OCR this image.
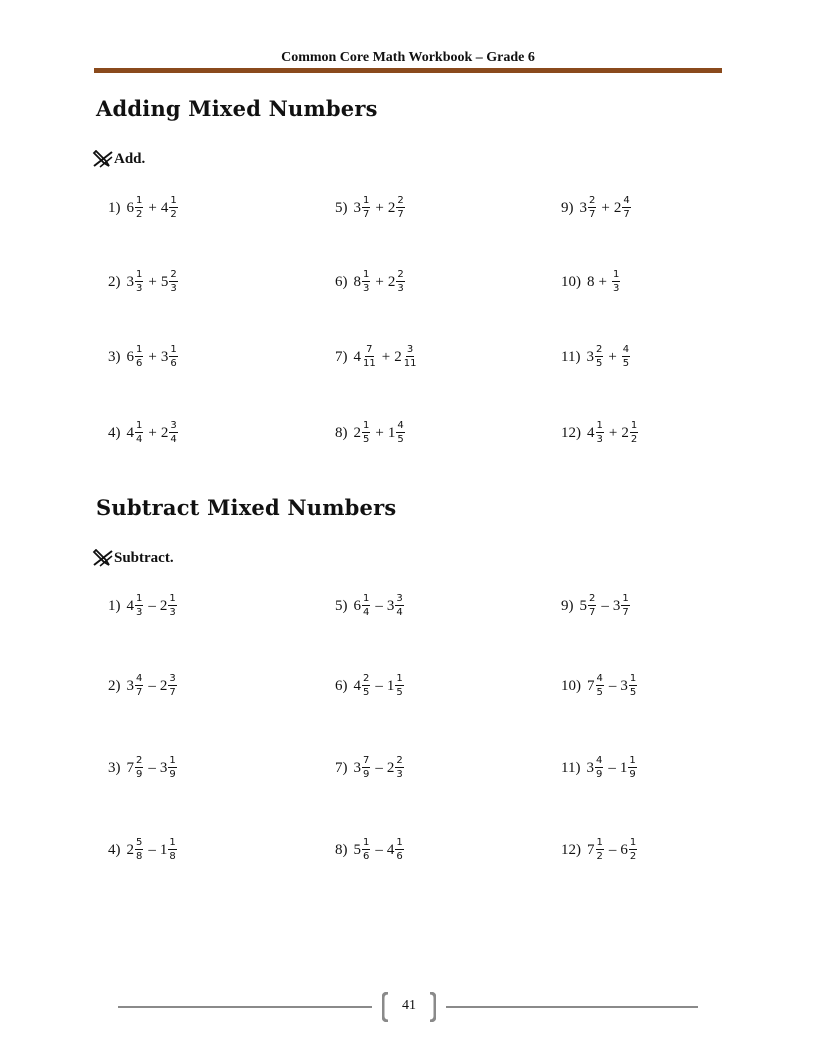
Common Core Math Workbook – Grade 6
Adding Mixed Numbers
Add.
1) $6 \frac{1}{2} + 4 \frac{1}{2}$
2) $3 \frac{1}{3} + 5 \frac{2}{3}$
3) $6 \frac{1}{6} + 3 \frac{1}{6}$
4) $4 \frac{1}{4} + 2 \frac{3}{4}$
5) $3 \frac{1}{7} + 2 \frac{2}{7}$
6) $8 \frac{1}{3} + 2 \frac{2}{3}$
7) $4 \frac{7}{11} + 2 \frac{3}{11}$
8) $2 \frac{1}{5} + 1 \frac{4}{5}$
9) $3 \frac{2}{7} + 2 \frac{4}{7}$
10) $8 + \frac{1}{3}$
11) $3 \frac{2}{5} + \frac{4}{5}$
12) $4 \frac{1}{3} + 2 \frac{1}{2}$
Subtract Mixed Numbers
Subtract.
1) $4 \frac{1}{3} - 2 \frac{1}{3}$
2) $3 \frac{4}{7} - 2 \frac{3}{7}$
3) $7 \frac{2}{9} - 3 \frac{1}{9}$
4) $2 \frac{5}{8} - 1 \frac{1}{8}$
5) $6 \frac{1}{4} - 3 \frac{3}{4}$
6) $4 \frac{2}{5} - 1 \frac{1}{5}$
7) $3 \frac{7}{9} - 2 \frac{2}{3}$
8) $5 \frac{1}{6} - 4 \frac{1}{6}$
9) $5 \frac{2}{7} - 3 \frac{1}{7}$
10) $7 \frac{4}{5} - 3 \frac{1}{5}$
11) $3 \frac{4}{9} - 1 \frac{1}{9}$
12) $7 \frac{1}{2} - 6 \frac{1}{2}$
41
